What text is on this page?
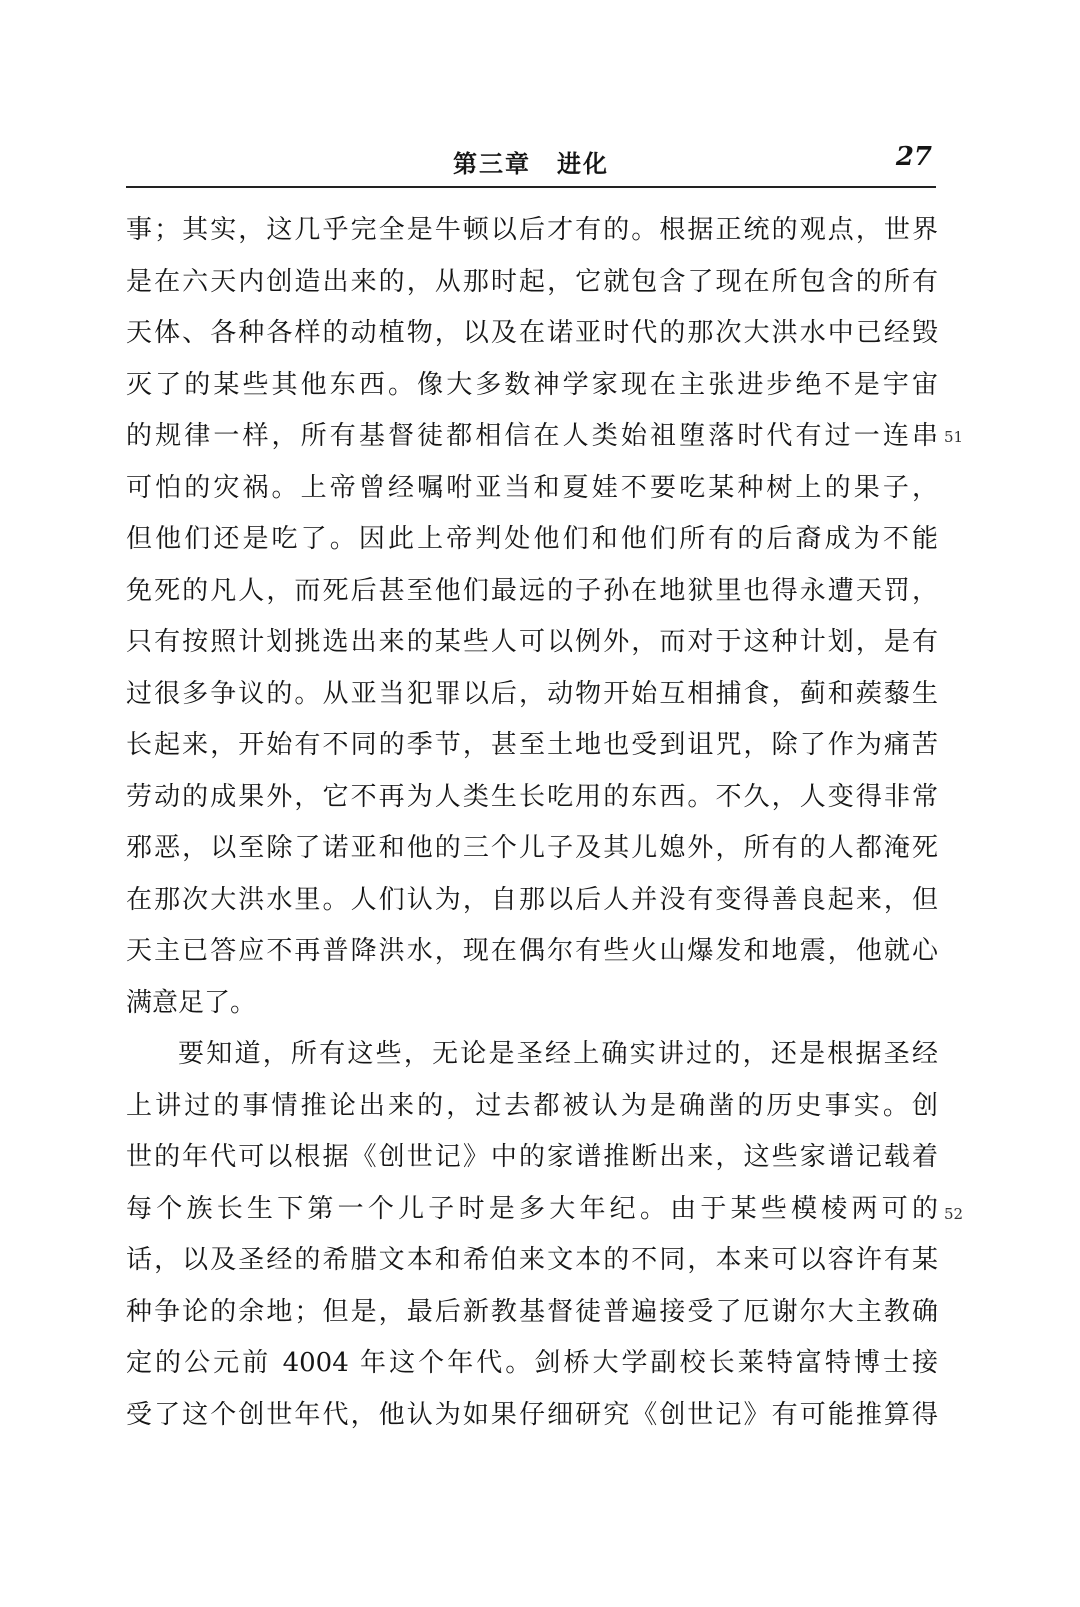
第三章　进化	27
事；其实，这几乎完全是牛顿以后才有的。根据正统的观点，世界
是在六天内创造出来的，从那时起，它就包含了现在所包含的所有
天体、各种各样的动植物，以及在诺亚时代的那次大洪水中已经毁
灭了的某些其他东西。像大多数神学家现在主张进步绝不是宇宙
的规律一样，所有基督徒都相信在人类始祖堕落时代有过一连串
可怕的灾祸。上帝曾经嘱咐亚当和夏娃不要吃某种树上的果子，
但他们还是吃了。因此上帝判处他们和他们所有的后裔成为不能
免死的凡人，而死后甚至他们最远的子孙在地狱里也得永遭天罚，
只有按照计划挑选出来的某些人可以例外，而对于这种计划，是有
过很多争议的。从亚当犯罪以后，动物开始互相捕食，蓟和蒺藜生
长起来，开始有不同的季节，甚至土地也受到诅咒，除了作为痛苦
劳动的成果外，它不再为人类生长吃用的东西。不久，人变得非常
邪恶，以至除了诺亚和他的三个儿子及其儿媳外，所有的人都淹死
在那次大洪水里。人们认为，自那以后人并没有变得善良起来，但
天主已答应不再普降洪水，现在偶尔有些火山爆发和地震，他就心
满意足了。
要知道，所有这些，无论是圣经上确实讲过的，还是根据圣经
上讲过的事情推论出来的，过去都被认为是确凿的历史事实。创
世的年代可以根据《创世记》中的家谱推断出来，这些家谱记载着
每个族长生下第一个儿子时是多大年纪。由于某些模棱两可的
话，以及圣经的希腊文本和希伯来文本的不同，本来可以容许有某
种争论的余地；但是，最后新教基督徒普遍接受了厄谢尔大主教确
定的公元前 4004 年这个年代。剑桥大学副校长莱特富特博士接
受了这个创世年代，他认为如果仔细研究《创世记》有可能推算得
51
52
